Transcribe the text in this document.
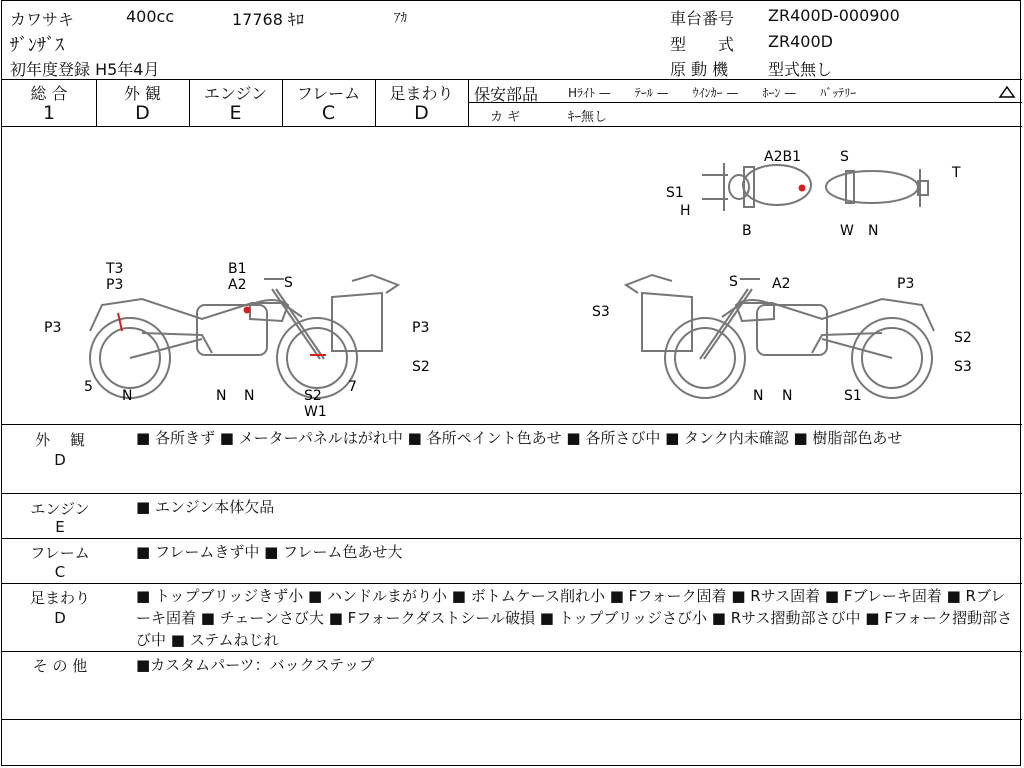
カワサキ	400cc	17768 ｷﾛ	ｱｶ
ｻﾞﾝｻﾞｽ
初年度登録 H5年4月
車台番号 ZR400D-000900
型　　式 ZR400D
原 動 機 型式無し
総 合	外 観	エンジン	フレーム	足まわり
1	D	E	C	D
保安部品 Hﾗｲﾄ —　　ﾃｰﾙ —　　ｳｲﾝｶｰ —　　ﾎｰﾝ —　　ﾊﾞｯﾃﾘｰ
カ ギ	ｷｰ無し
A2B1	S
S1
H
B	W N
T
T3
P3
B1
A2	S
P3	P3
S2
5
N	N N	S2
W1
7
S A2	P3
S3
S2
S3
N N	S1
外　 観
D
■ 各所きず ■ メーターパネルはがれ中 ■ 各所ペイント色あせ ■ 各所さび中 ■ タンク内未確認 ■ 樹脂部色あせ
エンジン
E
■ エンジン本体欠品
フレーム
C
■ フレームきず中 ■ フレーム色あせ大
足まわり
D
■ トップブリッジきず小 ■ ハンドルまがり小 ■ ボトムケース削れ小 ■ Fフォーク固着 ■ Rサス固着 ■ Fブレーキ固着 ■ Rブレーキ固着 ■ チェーンさび大 ■ Fフォークダストシール破損 ■ トップブリッジさび小 ■ Rサス摺動部さび中 ■ Fフォーク摺動部さび中 ■ ステムねじれ
そ の 他	■カスタムパーツ：バックステップ
